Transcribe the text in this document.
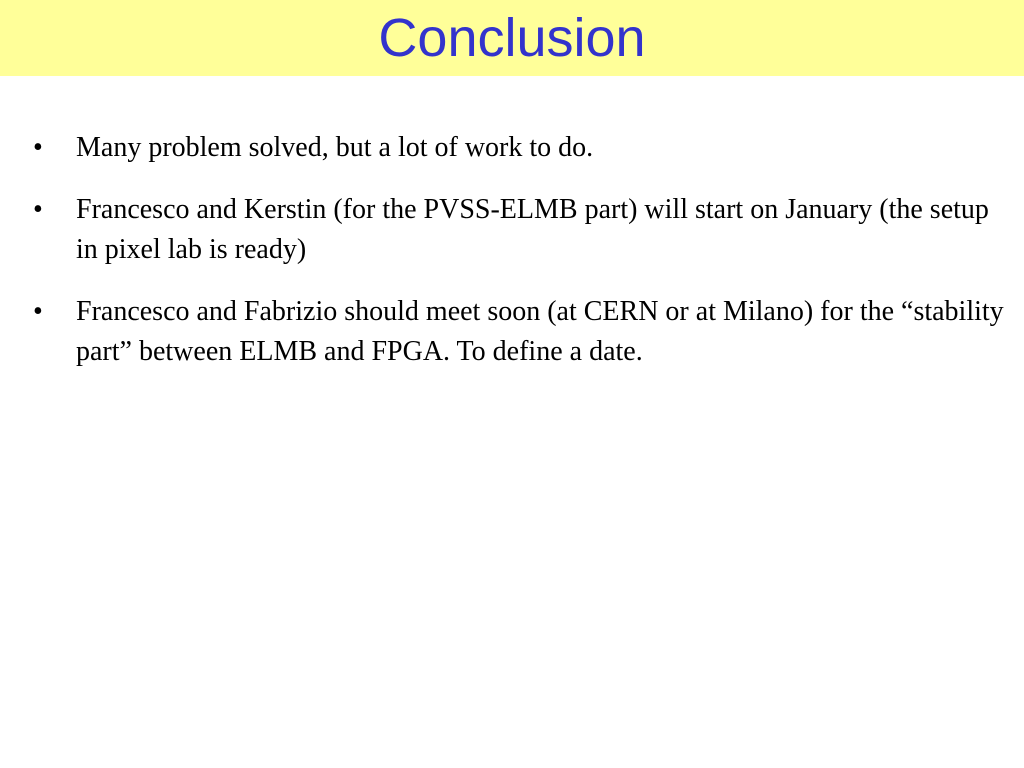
Conclusion
•	Many problem solved, but a lot of work to do.
•	Francesco and Kerstin (for the PVSS-ELMB part) will start on January (the setup in pixel lab is ready)
•	Francesco and Fabrizio should meet soon (at CERN or at Milano) for the “stability part” between ELMB and FPGA. To define a date.
